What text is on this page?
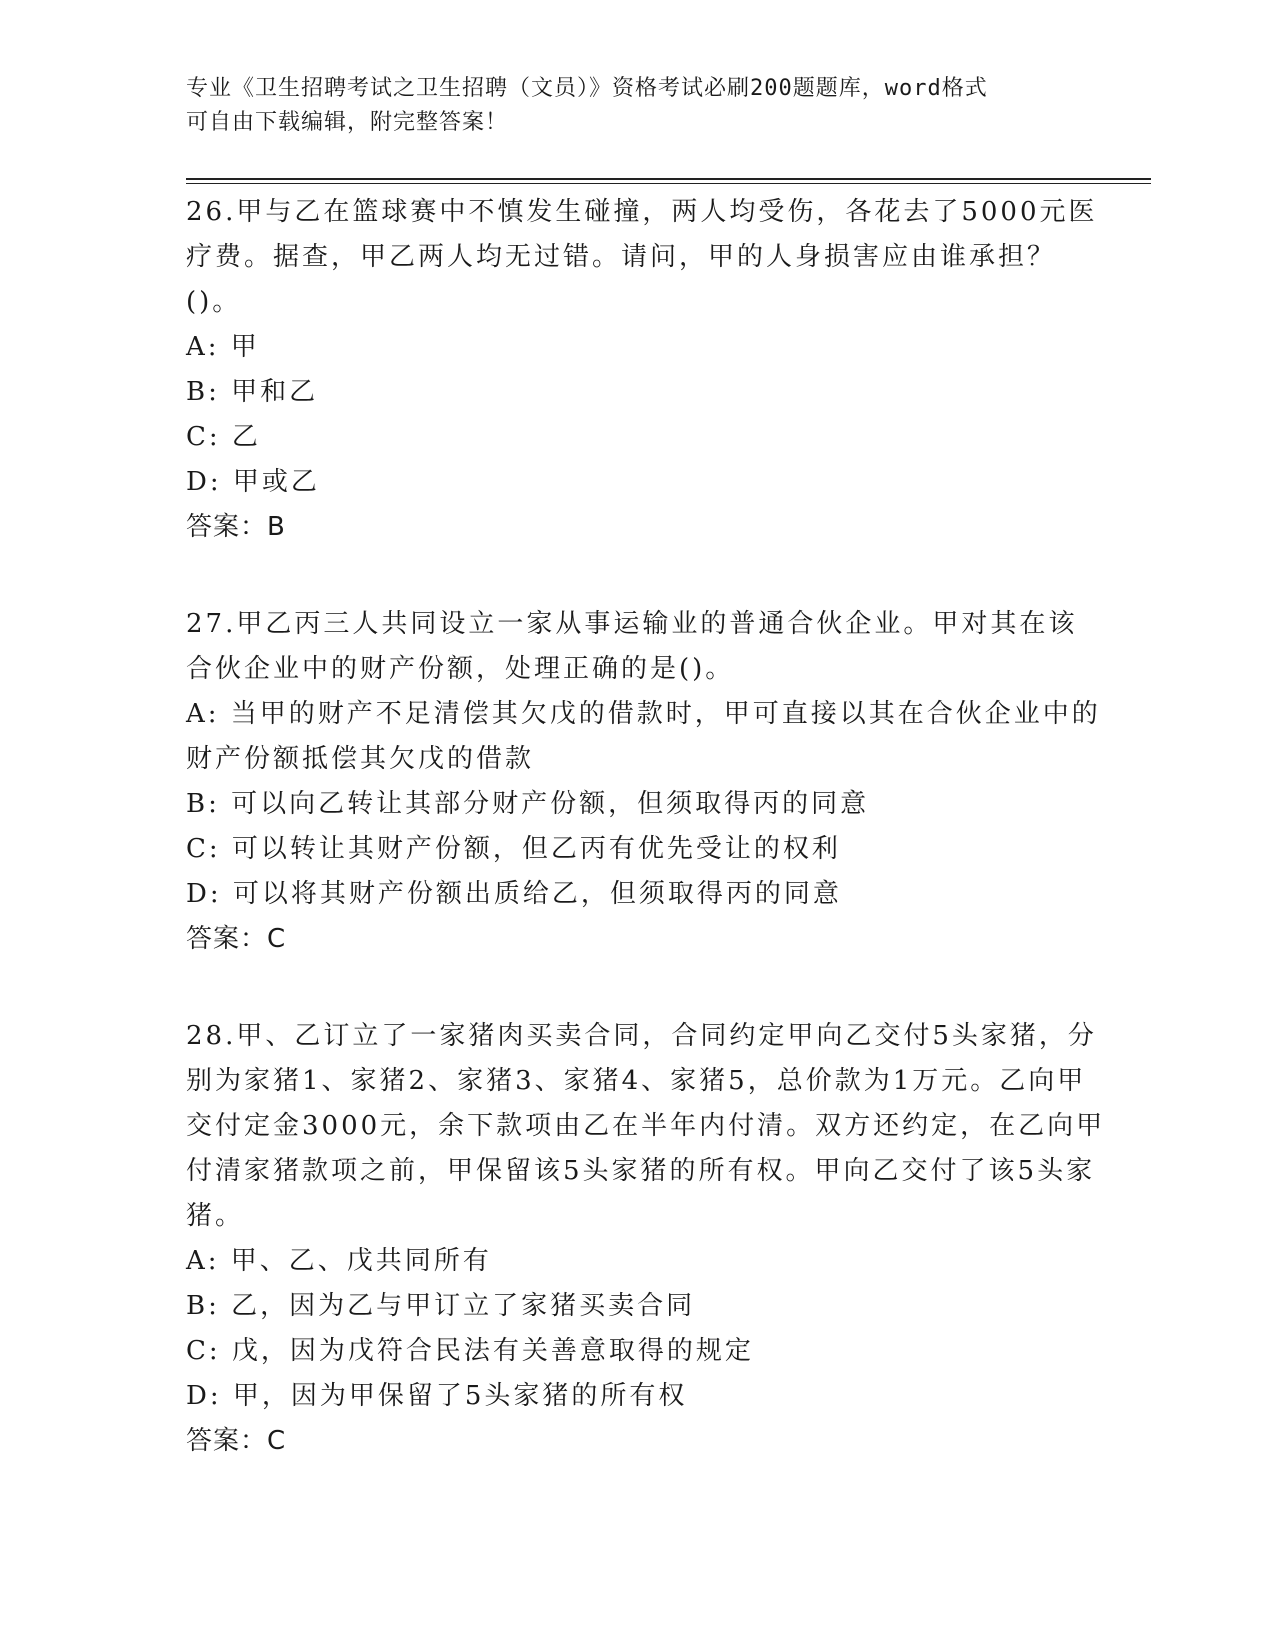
专业《卫生招聘考试之卫生招聘（文员）》资格考试必刷200题题库，word格式
可自由下载编辑，附完整答案！
26.甲与乙在篮球赛中不慎发生碰撞，两人均受伤，各花去了5000元医疗费。据查，甲乙两人均无过错。请问，甲的人身损害应由谁承担？()。
A: 甲
B: 甲和乙
C: 乙
D: 甲或乙
答案：B
27.甲乙丙三人共同设立一家从事运输业的普通合伙企业。甲对其在该合伙企业中的财产份额，处理正确的是()。
A: 当甲的财产不足清偿其欠戊的借款时，甲可直接以其在合伙企业中的财产份额抵偿其欠戊的借款
B: 可以向乙转让其部分财产份额，但须取得丙的同意
C: 可以转让其财产份额，但乙丙有优先受让的权利
D: 可以将其财产份额出质给乙，但须取得丙的同意
答案：C
28.甲、乙订立了一家猪肉买卖合同，合同约定甲向乙交付5头家猪，分别为家猪1、家猪2、家猪3、家猪4、家猪5，总价款为1万元。乙向甲交付定金3000元，余下款项由乙在半年内付清。双方还约定，在乙向甲付清家猪款项之前，甲保留该5头家猪的所有权。甲向乙交付了该5头家猪。
A: 甲、乙、戊共同所有
B: 乙，因为乙与甲订立了家猪买卖合同
C: 戊，因为戊符合民法有关善意取得的规定
D: 甲，因为甲保留了5头家猪的所有权
答案：C
